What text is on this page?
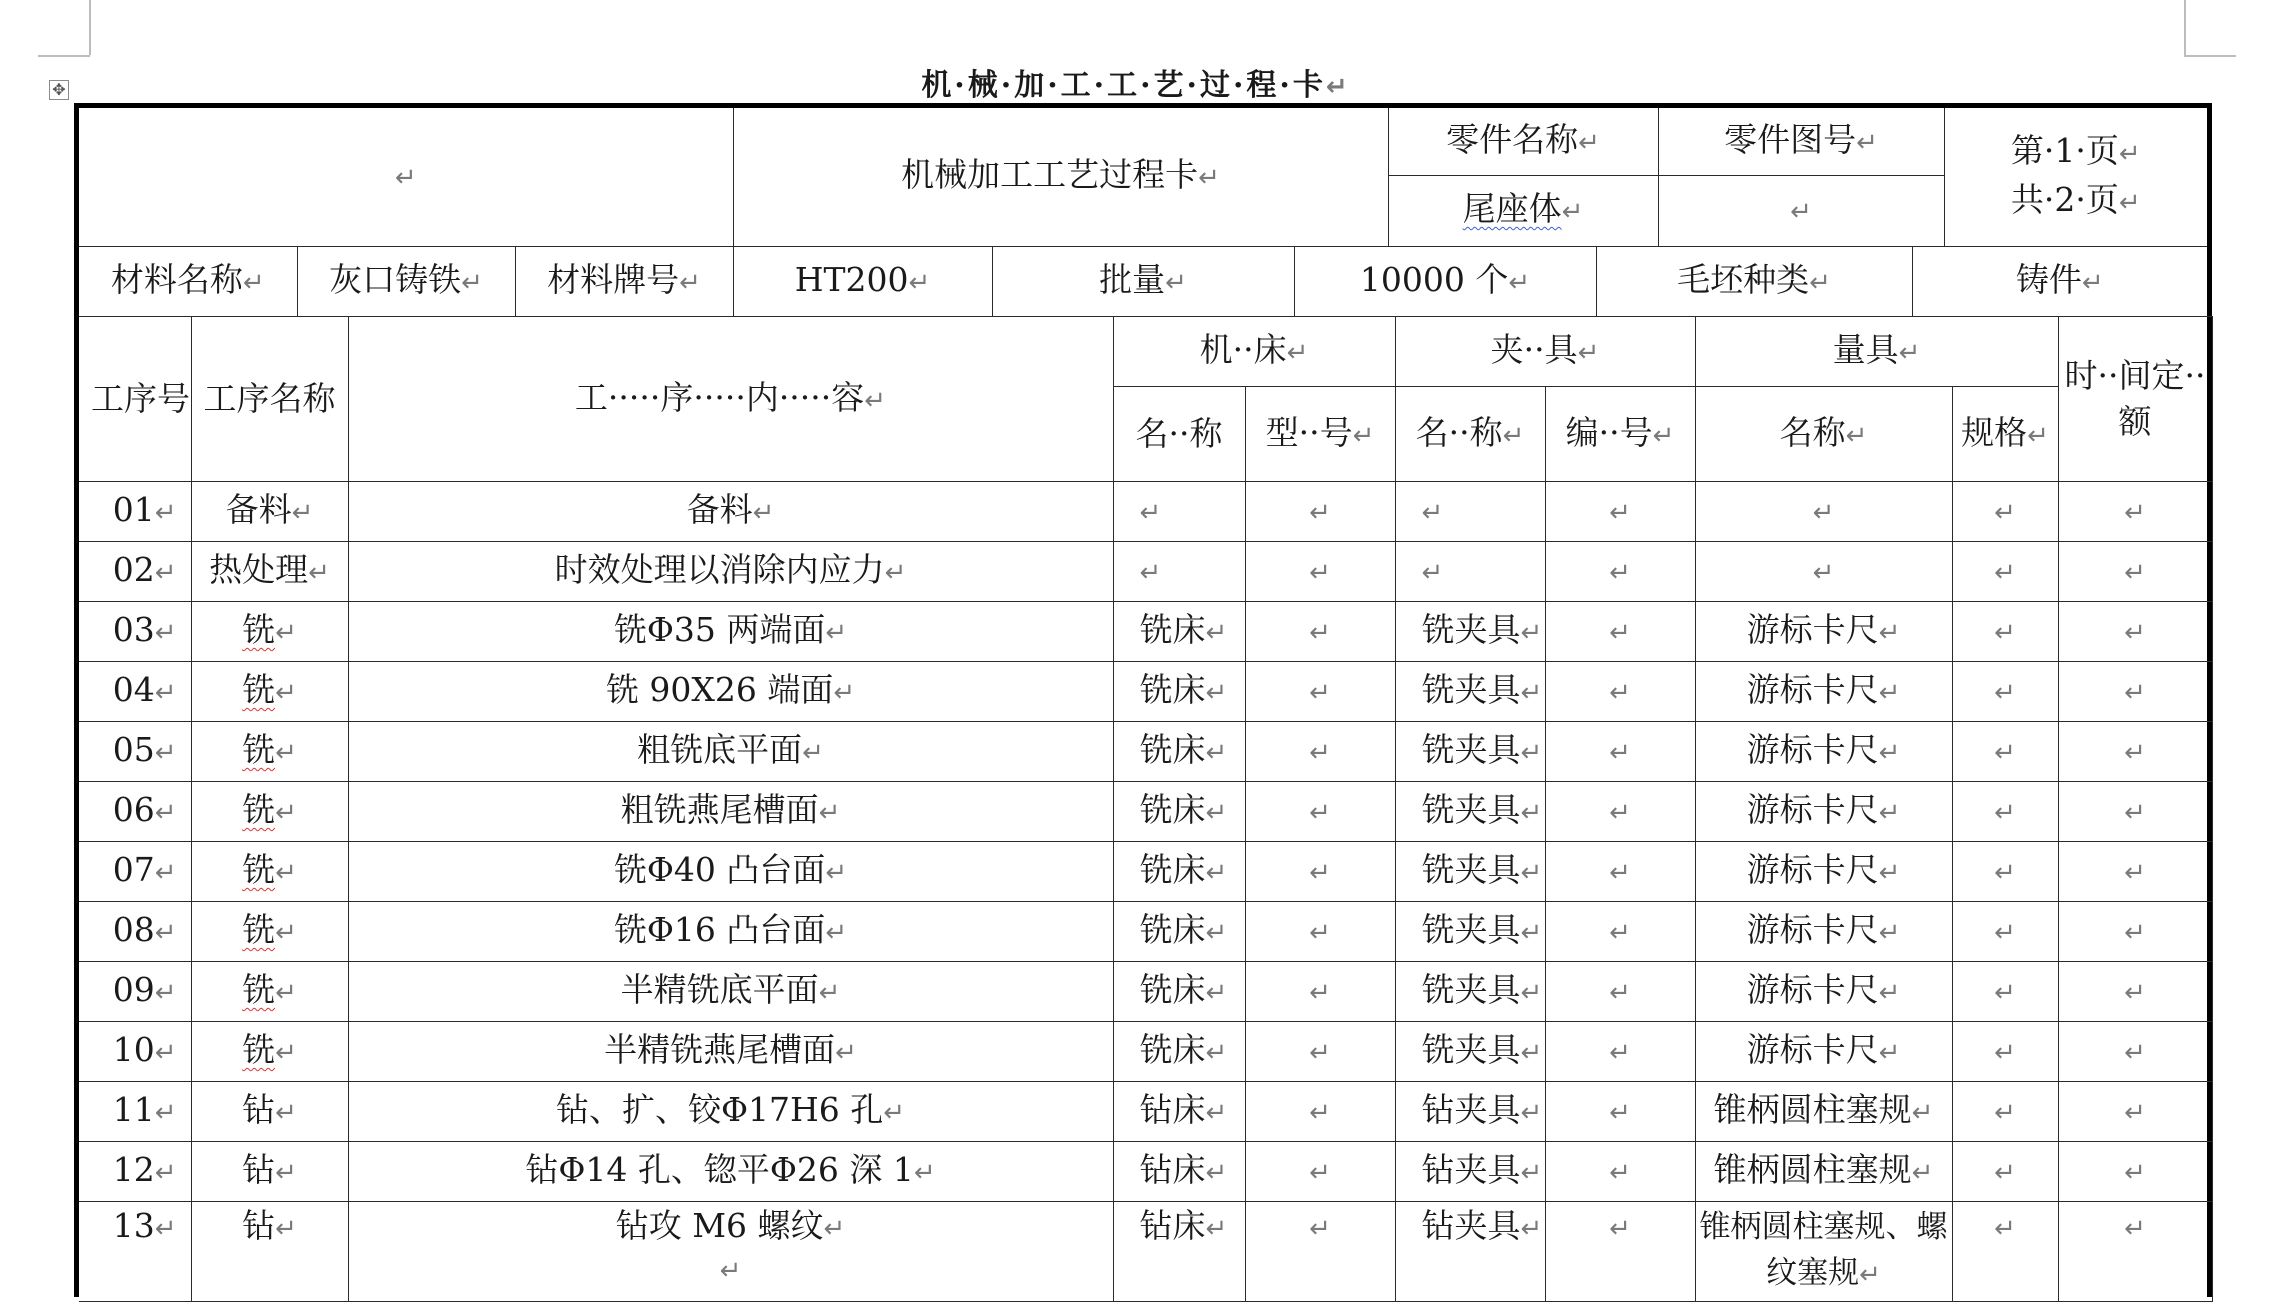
✥	机·械·加·工·工·艺·过·程·卡↵
↵	机械加工工艺过程卡↵	零件名称↵	零件图号↵	第·1·页↵
共·2·页↵
		尾座体↵	↵	
材料名称↵	灰口铸铁↵	材料牌号↵	HT200↵	批量↵	10000 个↵	毛坯种类↵	铸件↵
工序号	工序名称	工·····序·····内·····容↵	机··床↵		夹··具↵		量具↵		时··间定··额
			名··称	型··号↵	名··称↵	编··号↵	名称↵	规格↵	
01↵	备料↵	备料↵	↵	↵	↵	↵	↵	↵	↵
02↵	热处理↵	时效处理以消除内应力↵	↵	↵	↵	↵	↵	↵	↵
03↵	铣↵	铣Φ35 两端面↵	铣床↵	↵	铣夹具↵	↵	游标卡尺↵	↵	↵
04↵	铣↵	铣 90X26 端面↵	铣床↵	↵	铣夹具↵	↵	游标卡尺↵	↵	↵
05↵	铣↵	粗铣底平面↵	铣床↵	↵	铣夹具↵	↵	游标卡尺↵	↵	↵
06↵	铣↵	粗铣燕尾槽面↵	铣床↵	↵	铣夹具↵	↵	游标卡尺↵	↵	↵
07↵	铣↵	铣Φ40 凸台面↵	铣床↵	↵	铣夹具↵	↵	游标卡尺↵	↵	↵
08↵	铣↵	铣Φ16 凸台面↵	铣床↵	↵	铣夹具↵	↵	游标卡尺↵	↵	↵
09↵	铣↵	半精铣底平面↵	铣床↵	↵	铣夹具↵	↵	游标卡尺↵	↵	↵
10↵	铣↵	半精铣燕尾槽面↵	铣床↵	↵	铣夹具↵	↵	游标卡尺↵	↵	↵
11↵	钻↵	钻、扩、铰Φ17H6 孔↵	钻床↵	↵	钻夹具↵	↵	锥柄圆柱塞规↵	↵	↵
12↵	钻↵	钻Φ14 孔、锪平Φ26 深 1↵	钻床↵	↵	钻夹具↵	↵	锥柄圆柱塞规↵	↵	↵
13↵	钻↵	钻攻 M6 螺纹↵
↵	钻床↵	↵	钻夹具↵	↵	锥柄圆柱塞规、螺纹塞规↵	↵	↵
